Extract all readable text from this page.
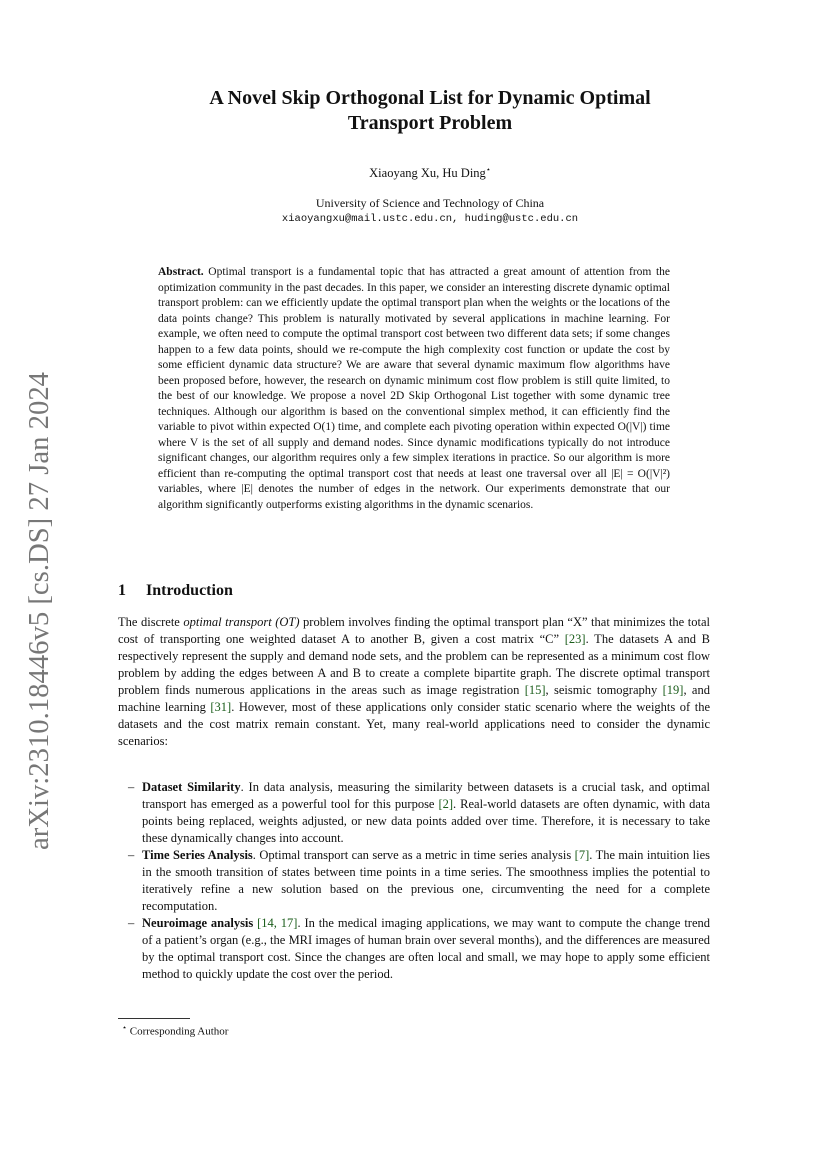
arXiv:2310.18446v5 [cs.DS] 27 Jan 2024
A Novel Skip Orthogonal List for Dynamic Optimal
Transport Problem
Xiaoyang Xu, Hu Ding⋆
University of Science and Technology of China
xiaoyangxu@mail.ustc.edu.cn, huding@ustc.edu.cn
Abstract. Optimal transport is a fundamental topic that has attracted a great amount of attention from the optimization community in the past decades. In this paper, we consider an interesting discrete dynamic optimal transport problem: can we efficiently update the optimal transport plan when the weights or the locations of the data points change? This problem is naturally motivated by several applications in machine learning. For example, we often need to compute the optimal transport cost between two different data sets; if some changes happen to a few data points, should we re-compute the high complexity cost function or update the cost by some efficient dynamic data structure? We are aware that several dynamic maximum flow algorithms have been proposed before, however, the research on dynamic minimum cost flow problem is still quite limited, to the best of our knowledge. We propose a novel 2D Skip Orthogonal List together with some dynamic tree techniques. Although our algorithm is based on the conventional simplex method, it can efficiently find the variable to pivot within expected O(1) time, and complete each pivoting operation within expected O(|V|) time where V is the set of all supply and demand nodes. Since dynamic modifications typically do not introduce significant changes, our algorithm requires only a few simplex iterations in practice. So our algorithm is more efficient than re-computing the optimal transport cost that needs at least one traversal over all |E| = O(|V|²) variables, where |E| denotes the number of edges in the network. Our experiments demonstrate that our algorithm significantly outperforms existing algorithms in the dynamic scenarios.
1 Introduction

The discrete optimal transport (OT) problem involves finding the optimal transport plan “X” that minimizes the total cost of transporting one weighted dataset A to another B, given a cost matrix “C” [23]. The datasets A and B respectively represent the supply and demand node sets, and the problem can be represented as a minimum cost flow problem by adding the edges between A and B to create a complete bipartite graph. The discrete optimal transport problem finds numerous applications in the areas such as image registration [15], seismic tomography [19], and machine learning [31]. However, most of these applications only consider static scenario where the weights of the datasets and the cost matrix remain constant. Yet, many real-world applications need to consider the dynamic scenarios:

– Dataset Similarity. In data analysis, measuring the similarity between datasets is a crucial task, and optimal transport has emerged as a powerful tool for this purpose [2]. Real-world datasets are often dynamic, with data points being replaced, weights adjusted, or new data points added over time. Therefore, it is necessary to take these dynamically changes into account.
– Time Series Analysis. Optimal transport can serve as a metric in time series analysis [7]. The main intuition lies in the smooth transition of states between time points in a time series. The smoothness implies the potential to iteratively refine a new solution based on the previous one, circumventing the need for a complete recomputation.
– Neuroimage analysis [14, 17]. In the medical imaging applications, we may want to compute the change trend of a patient’s organ (e.g., the MRI images of human brain over several months), and the differences are measured by the optimal transport cost. Since the changes are often local and small, we may hope to apply some efficient method to quickly update the cost over the period.
⋆ Corresponding Author
